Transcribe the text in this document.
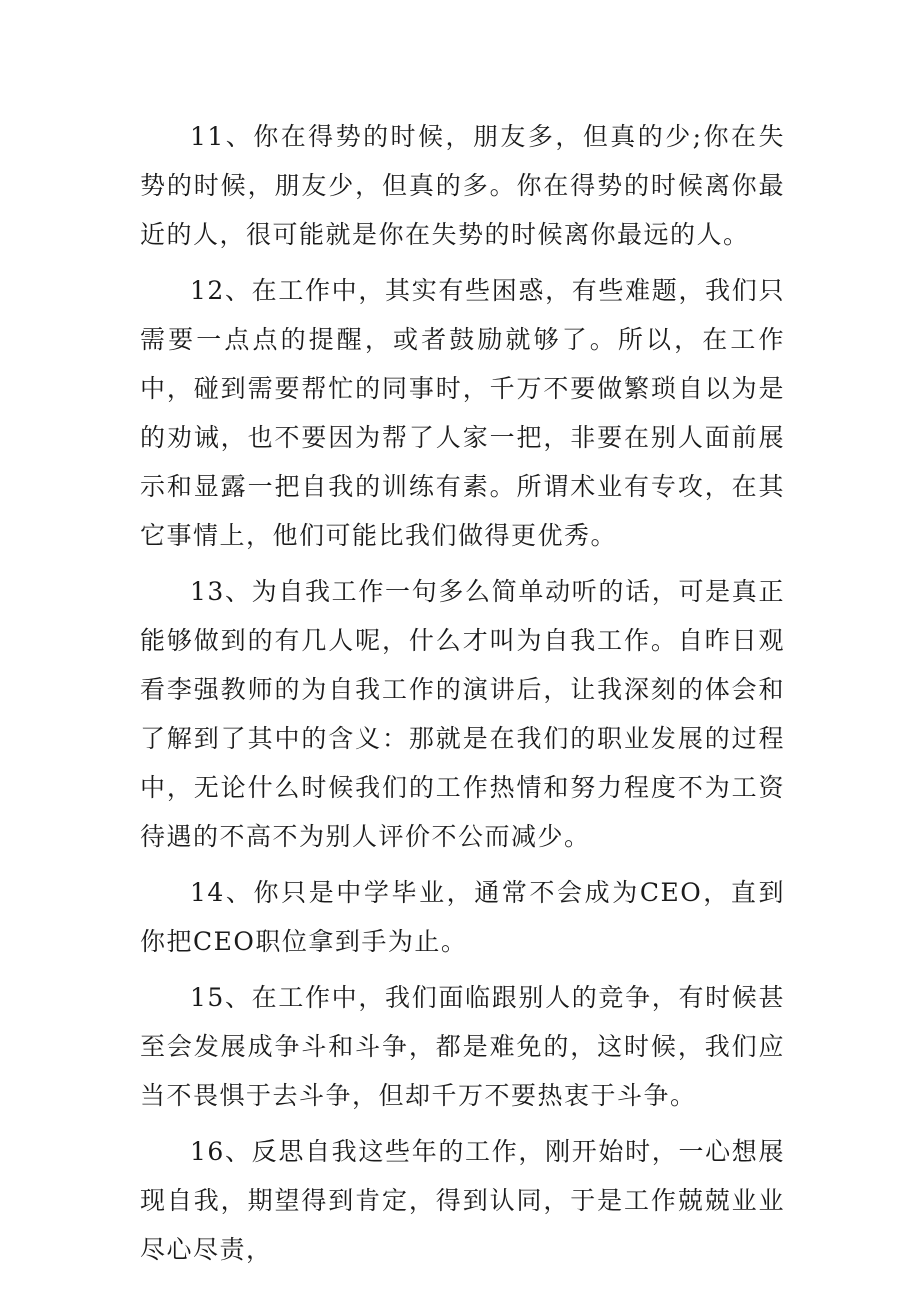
11、你在得势的时候，朋友多，但真的少;你在失势的时候，朋友少，但真的多。你在得势的时候离你最近的人，很可能就是你在失势的时候离你最远的人。

12、在工作中，其实有些困惑，有些难题，我们只需要一点点的提醒，或者鼓励就够了。所以，在工作中，碰到需要帮忙的同事时，千万不要做繁琐自以为是的劝诫，也不要因为帮了人家一把，非要在别人面前展示和显露一把自我的训练有素。所谓术业有专攻，在其它事情上，他们可能比我们做得更优秀。

13、为自我工作一句多么简单动听的话，可是真正能够做到的有几人呢，什么才叫为自我工作。自昨日观看李强教师的为自我工作的演讲后，让我深刻的体会和了解到了其中的含义：那就是在我们的职业发展的过程中，无论什么时候我们的工作热情和努力程度不为工资待遇的不高不为别人评价不公而减少。

14、你只是中学毕业，通常不会成为CEO，直到你把CEO职位拿到手为止。

15、在工作中，我们面临跟别人的竞争，有时候甚至会发展成争斗和斗争，都是难免的，这时候，我们应当不畏惧于去斗争，但却千万不要热衷于斗争。

16、反思自我这些年的工作，刚开始时，一心想展现自我，期望得到肯定，得到认同，于是工作兢兢业业尽心尽责，
